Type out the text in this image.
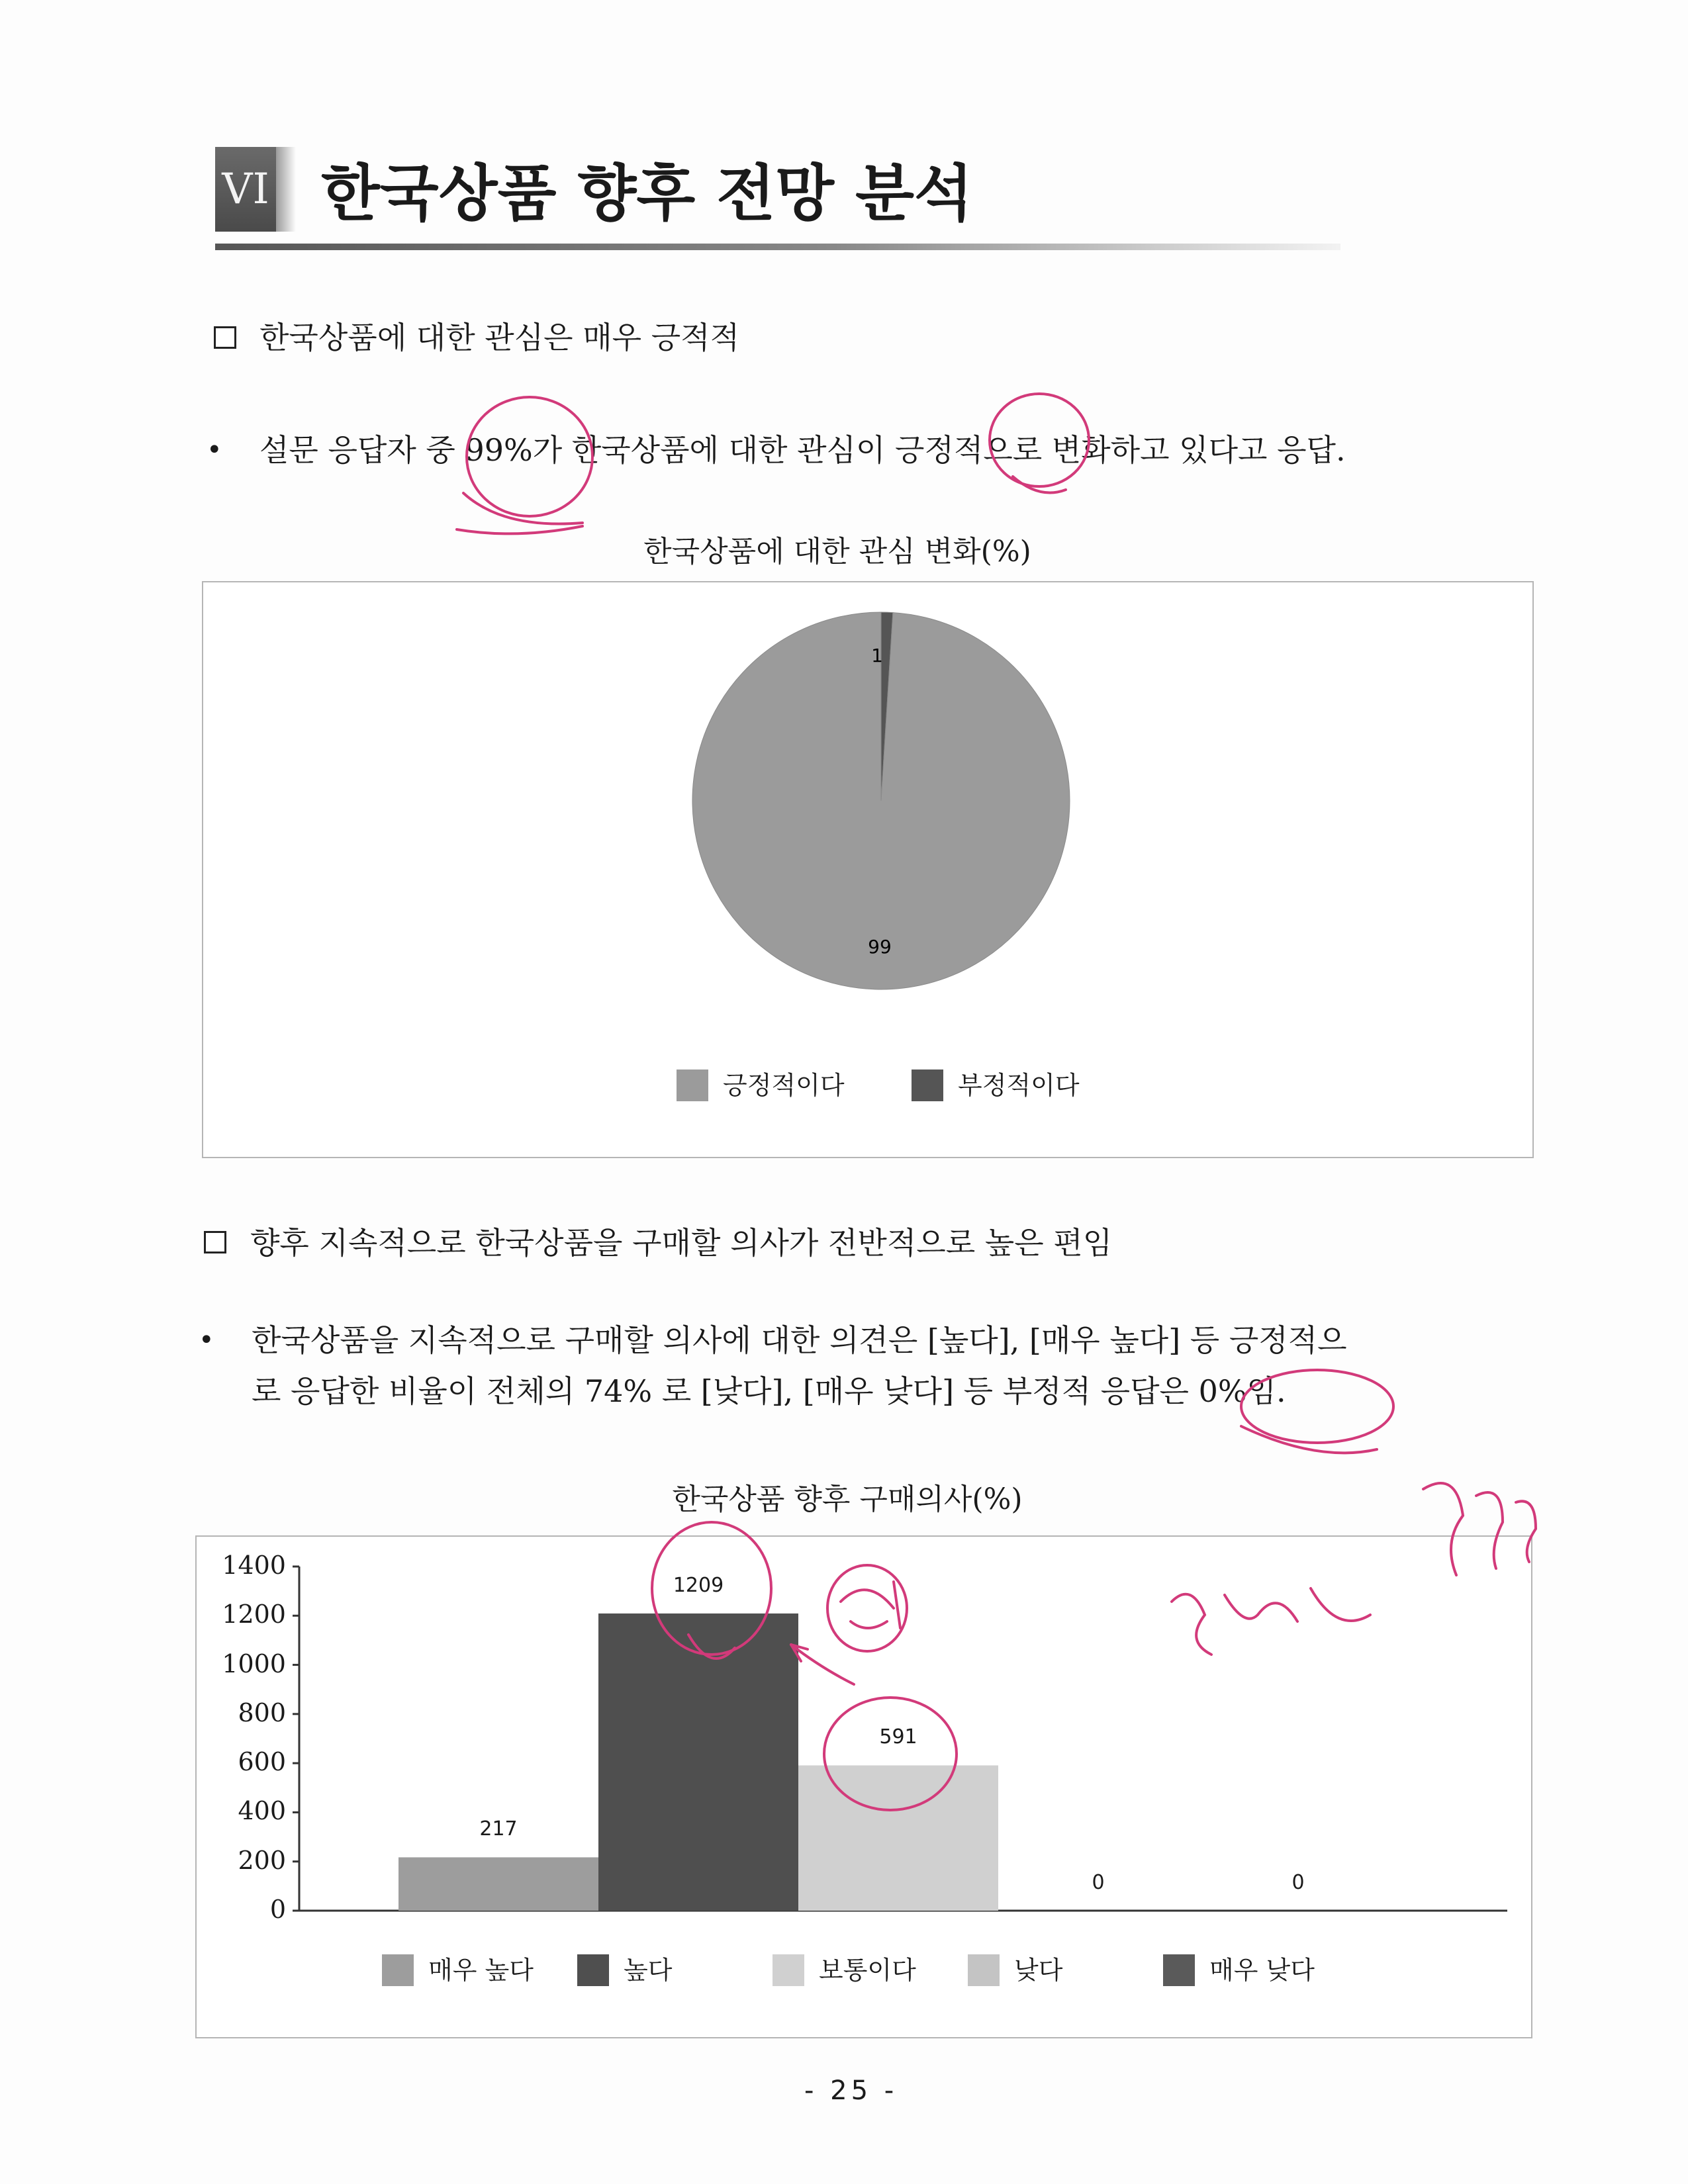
VI 한국상품 향후 전망 분석
한국상품에 대한 관심은 매우 긍적적
• 설문 응답자 중 99%가 한국상품에 대한 관심이 긍정적으로 변화하고 있다고 응답.
한국상품에 대한 관심 변화(%)
99
1
긍정적이다	부정적이다
향후 지속적으로 한국상품을 구매할 의사가 전반적으로 높은 편임
• 한국상품을 지속적으로 구매할 의사에 대한 의견은 [높다], [매우 높다] 등 긍정적으
로 응답한 비율이 전체의 74% 로 [낮다], [매우 낮다] 등 부정적 응답은 0%임.
한국상품 향후 구매의사(%)
0
200
400
600
800
1000
1200
1400
217
1209
591
0	0
매우 높다	높다	보통이다	낮다	매우 낮다
- 25 -
